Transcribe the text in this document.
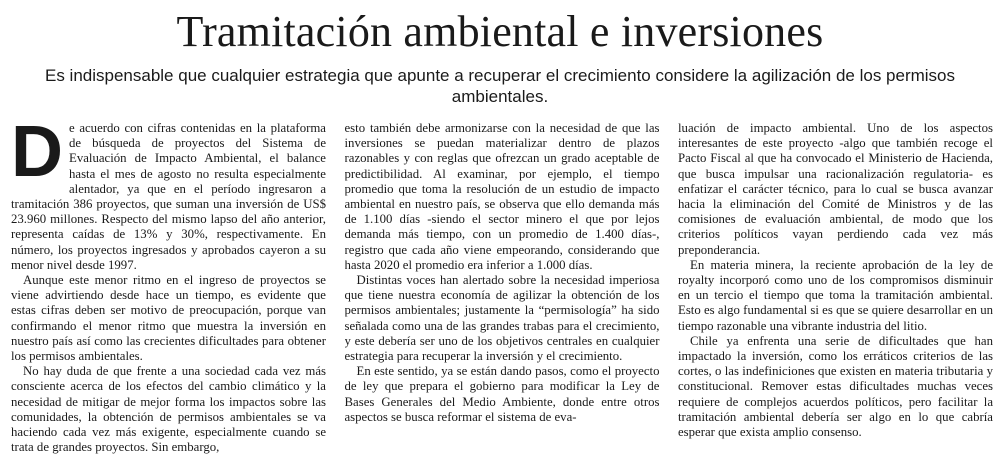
Tramitación ambiental e inversiones

Es indispensable que cualquier estrategia que apunte a recuperar el crecimiento considere la agilización de los permisos ambientales.

De acuerdo con cifras contenidas en la plataforma de búsqueda de proyectos del Sistema de Evaluación de Impacto Ambiental, el balance hasta el mes de agosto no resulta especialmente alentador, ya que en el período ingresaron a tramitación 386 proyectos, que suman una inversión de US$ 23.960 millones. Respecto del mismo lapso del año anterior, representa caídas de 13% y 30%, respectivamente. En número, los proyectos ingresados y aprobados cayeron a su menor nivel desde 1997.

Aunque este menor ritmo en el ingreso de proyectos se viene advirtiendo desde hace un tiempo, es evidente que estas cifras deben ser motivo de preocupación, porque van confirmando el menor ritmo que muestra la inversión en nuestro país así como las crecientes dificultades para obtener los permisos ambientales.

No hay duda de que frente a una sociedad cada vez más consciente acerca de los efectos del cambio climático y la necesidad de mitigar de mejor forma los impactos sobre las comunidades, la obtención de permisos ambientales se va haciendo cada vez más exigente, especialmente cuando se trata de grandes proyectos. Sin embargo,

esto también debe armonizarse con la necesidad de que las inversiones se puedan materializar dentro de plazos razonables y con reglas que ofrezcan un grado aceptable de predictibilidad. Al examinar, por ejemplo, el tiempo promedio que toma la resolución de un estudio de impacto ambiental en nuestro país, se observa que ello demanda más de 1.100 días -siendo el sector minero el que por lejos demanda más tiempo, con un promedio de 1.400 días-, registro que cada año viene empeorando, considerando que hasta 2020 el promedio era inferior a 1.000 días.

Distintas voces han alertado sobre la necesidad imperiosa que tiene nuestra economía de agilizar la obtención de los permisos ambientales; justamente la “permisología” ha sido señalada como una de las grandes trabas para el crecimiento, y este debería ser uno de los objetivos centrales en cualquier estrategia para recuperar la inversión y el crecimiento.

En este sentido, ya se están dando pasos, como el proyecto de ley que prepara el gobierno para modificar la Ley de Bases Generales del Medio Ambiente, donde entre otros aspectos se busca reformar el sistema de eva-

luación de impacto ambiental. Uno de los aspectos interesantes de este proyecto -algo que también recoge el Pacto Fiscal al que ha convocado el Ministerio de Hacienda, que busca impulsar una racionalización regulatoria- es enfatizar el carácter técnico, para lo cual se busca avanzar hacia la eliminación del Comité de Ministros y de las comisiones de evaluación ambiental, de modo que los criterios políticos vayan perdiendo cada vez más preponderancia.

En materia minera, la reciente aprobación de la ley de royalty incorporó como uno de los compromisos disminuir en un tercio el tiempo que toma la tramitación ambiental. Esto es algo fundamental si es que se quiere desarrollar en un tiempo razonable una vibrante industria del litio.

Chile ya enfrenta una serie de dificultades que han impactado la inversión, como los erráticos criterios de las cortes, o las indefiniciones que existen en materia tributaria y constitucional. Remover estas dificultades muchas veces requiere de complejos acuerdos políticos, pero facilitar la tramitación ambiental debería ser algo en lo que cabría esperar que exista amplio consenso.
